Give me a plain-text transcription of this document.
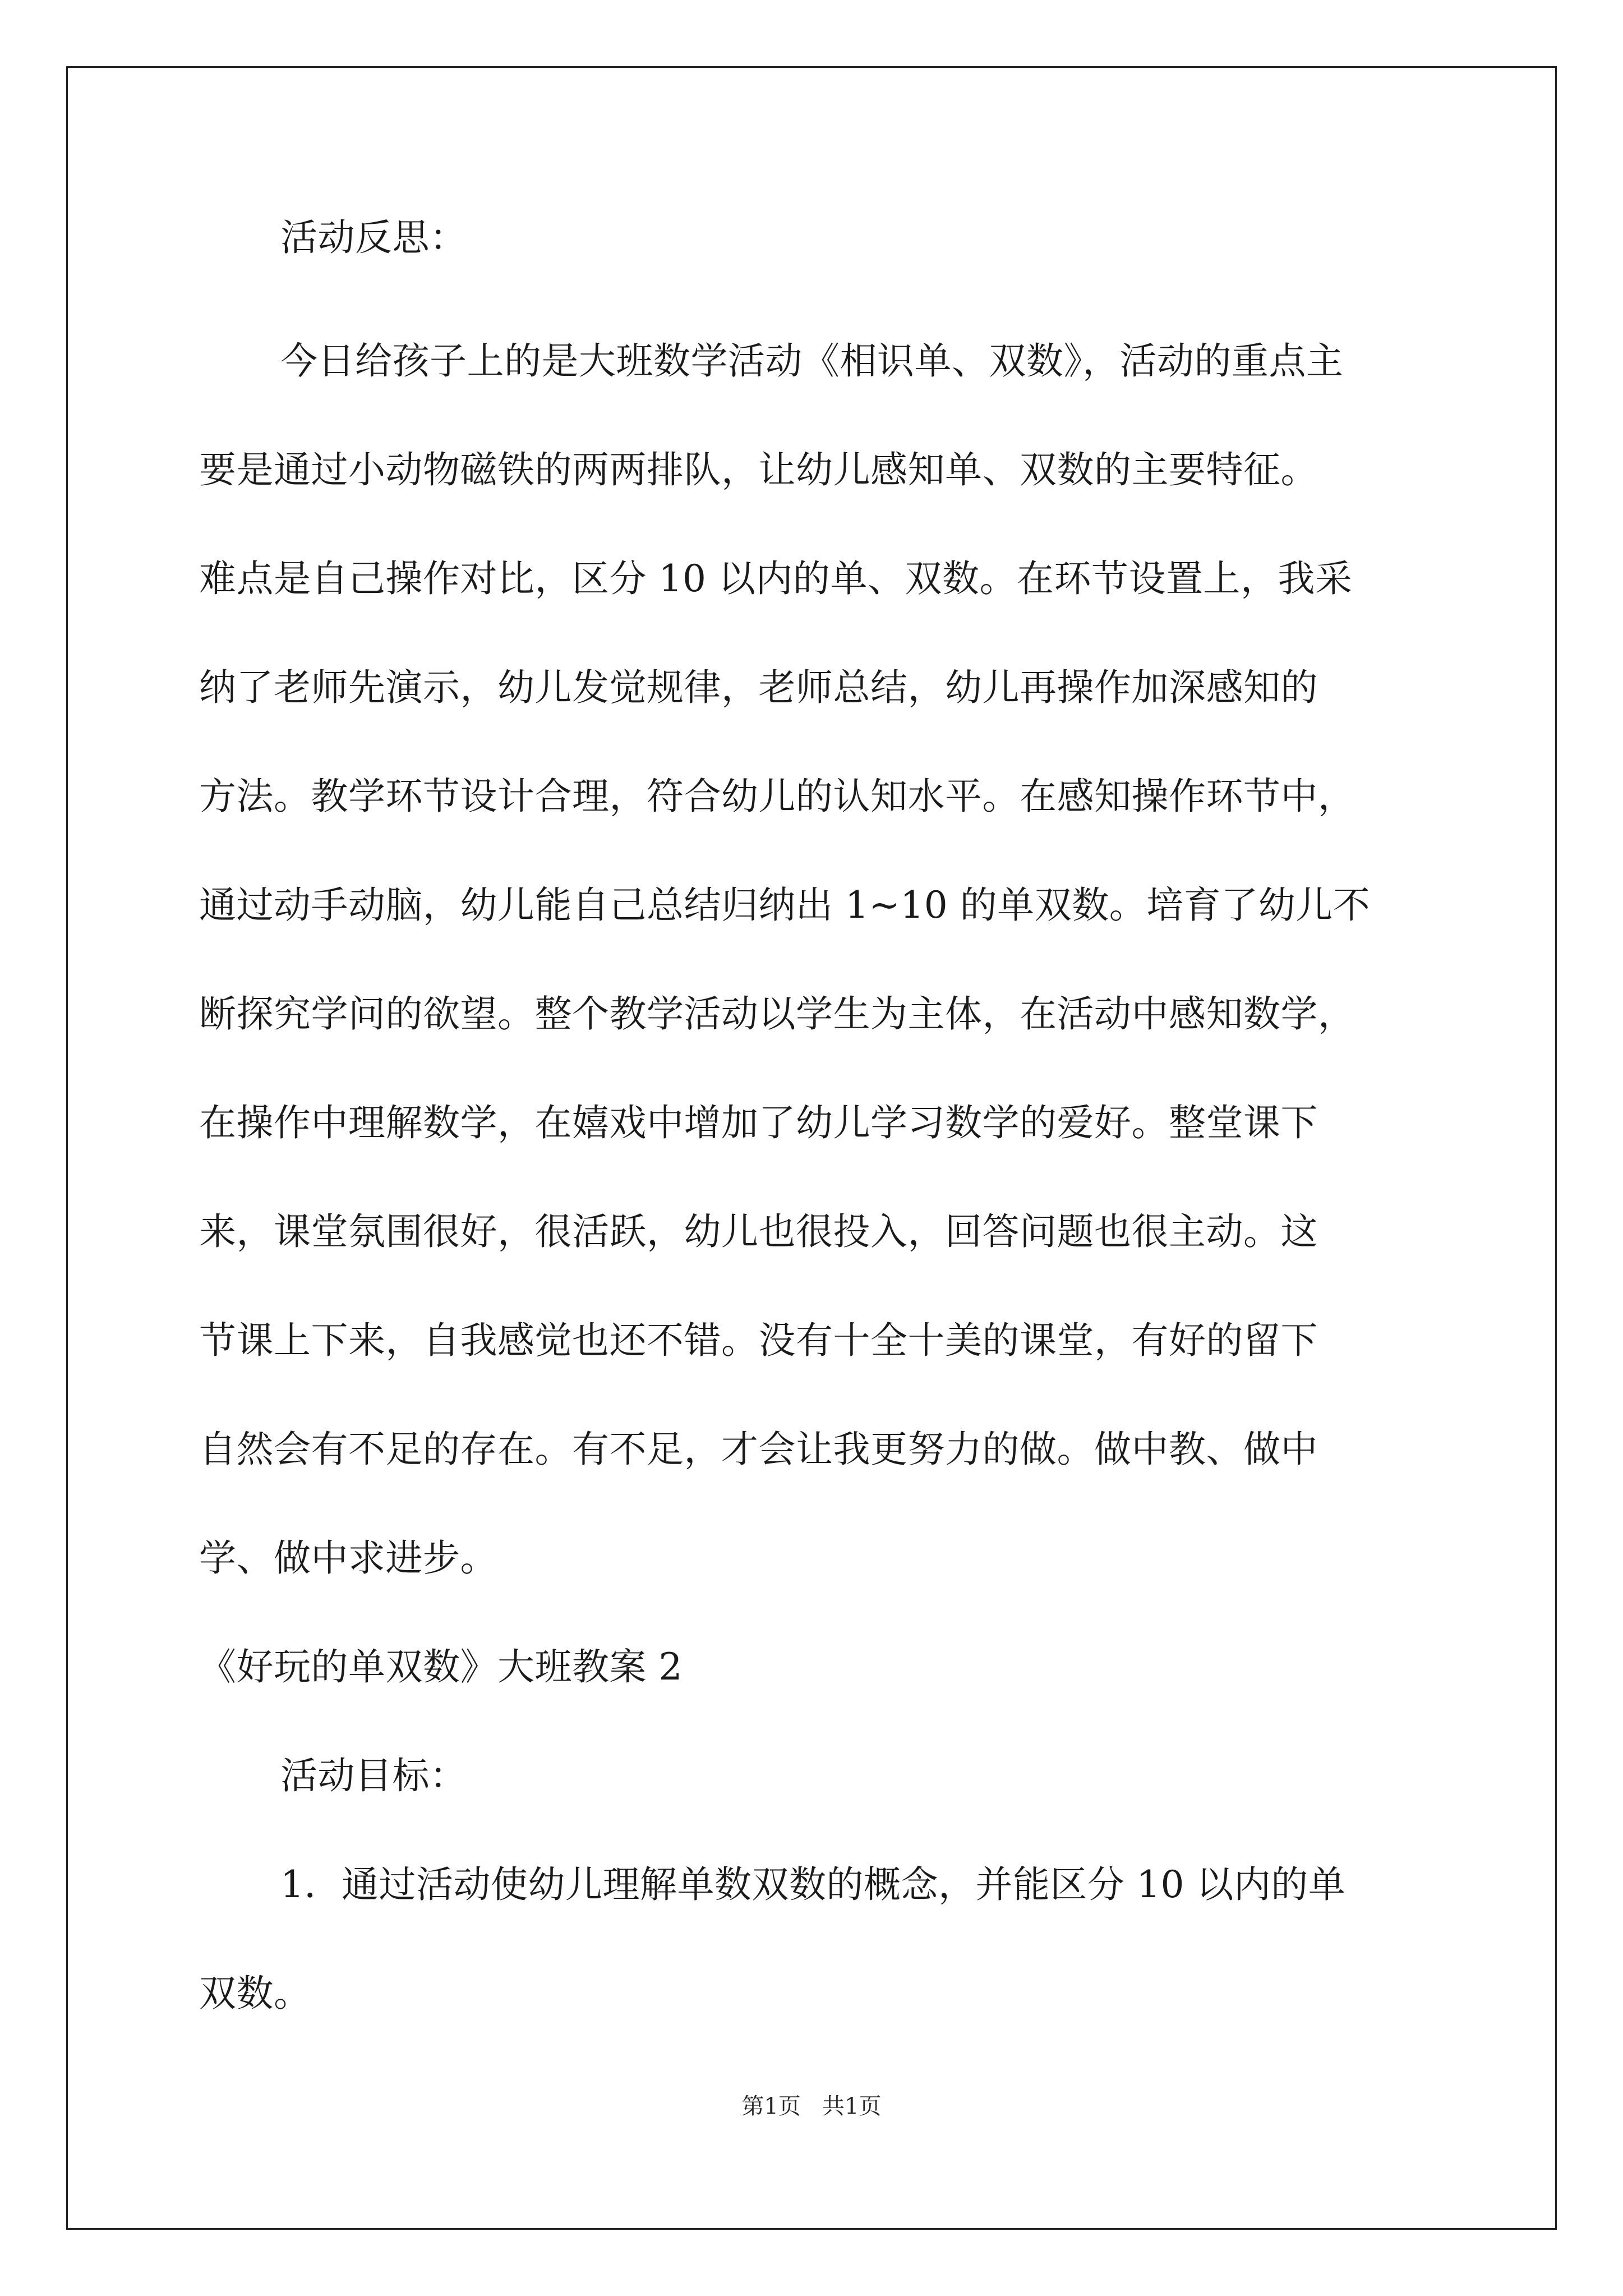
活动反思：
今日给孩子上的是大班数学活动《相识单、双数》，活动的重点主
要是通过小动物磁铁的两两排队，让幼儿感知单、双数的主要特征。
难点是自己操作对比，区分 10 以内的单、双数。在环节设置上，我采
纳了老师先演示，幼儿发觉规律，老师总结，幼儿再操作加深感知的
方法。教学环节设计合理，符合幼儿的认知水平。在感知操作环节中，
通过动手动脑，幼儿能自己总结归纳出 1~10 的单双数。培育了幼儿不
断探究学问的欲望。整个教学活动以学生为主体，在活动中感知数学，
在操作中理解数学，在嬉戏中增加了幼儿学习数学的爱好。整堂课下
来，课堂氛围很好，很活跃，幼儿也很投入，回答问题也很主动。这
节课上下来，自我感觉也还不错。没有十全十美的课堂，有好的留下
自然会有不足的存在。有不足，才会让我更努力的做。做中教、做中
学、做中求进步。
《好玩的单双数》大班教案 2
活动目标：
1．通过活动使幼儿理解单数双数的概念，并能区分 10 以内的单
双数。
第1页   共1页
